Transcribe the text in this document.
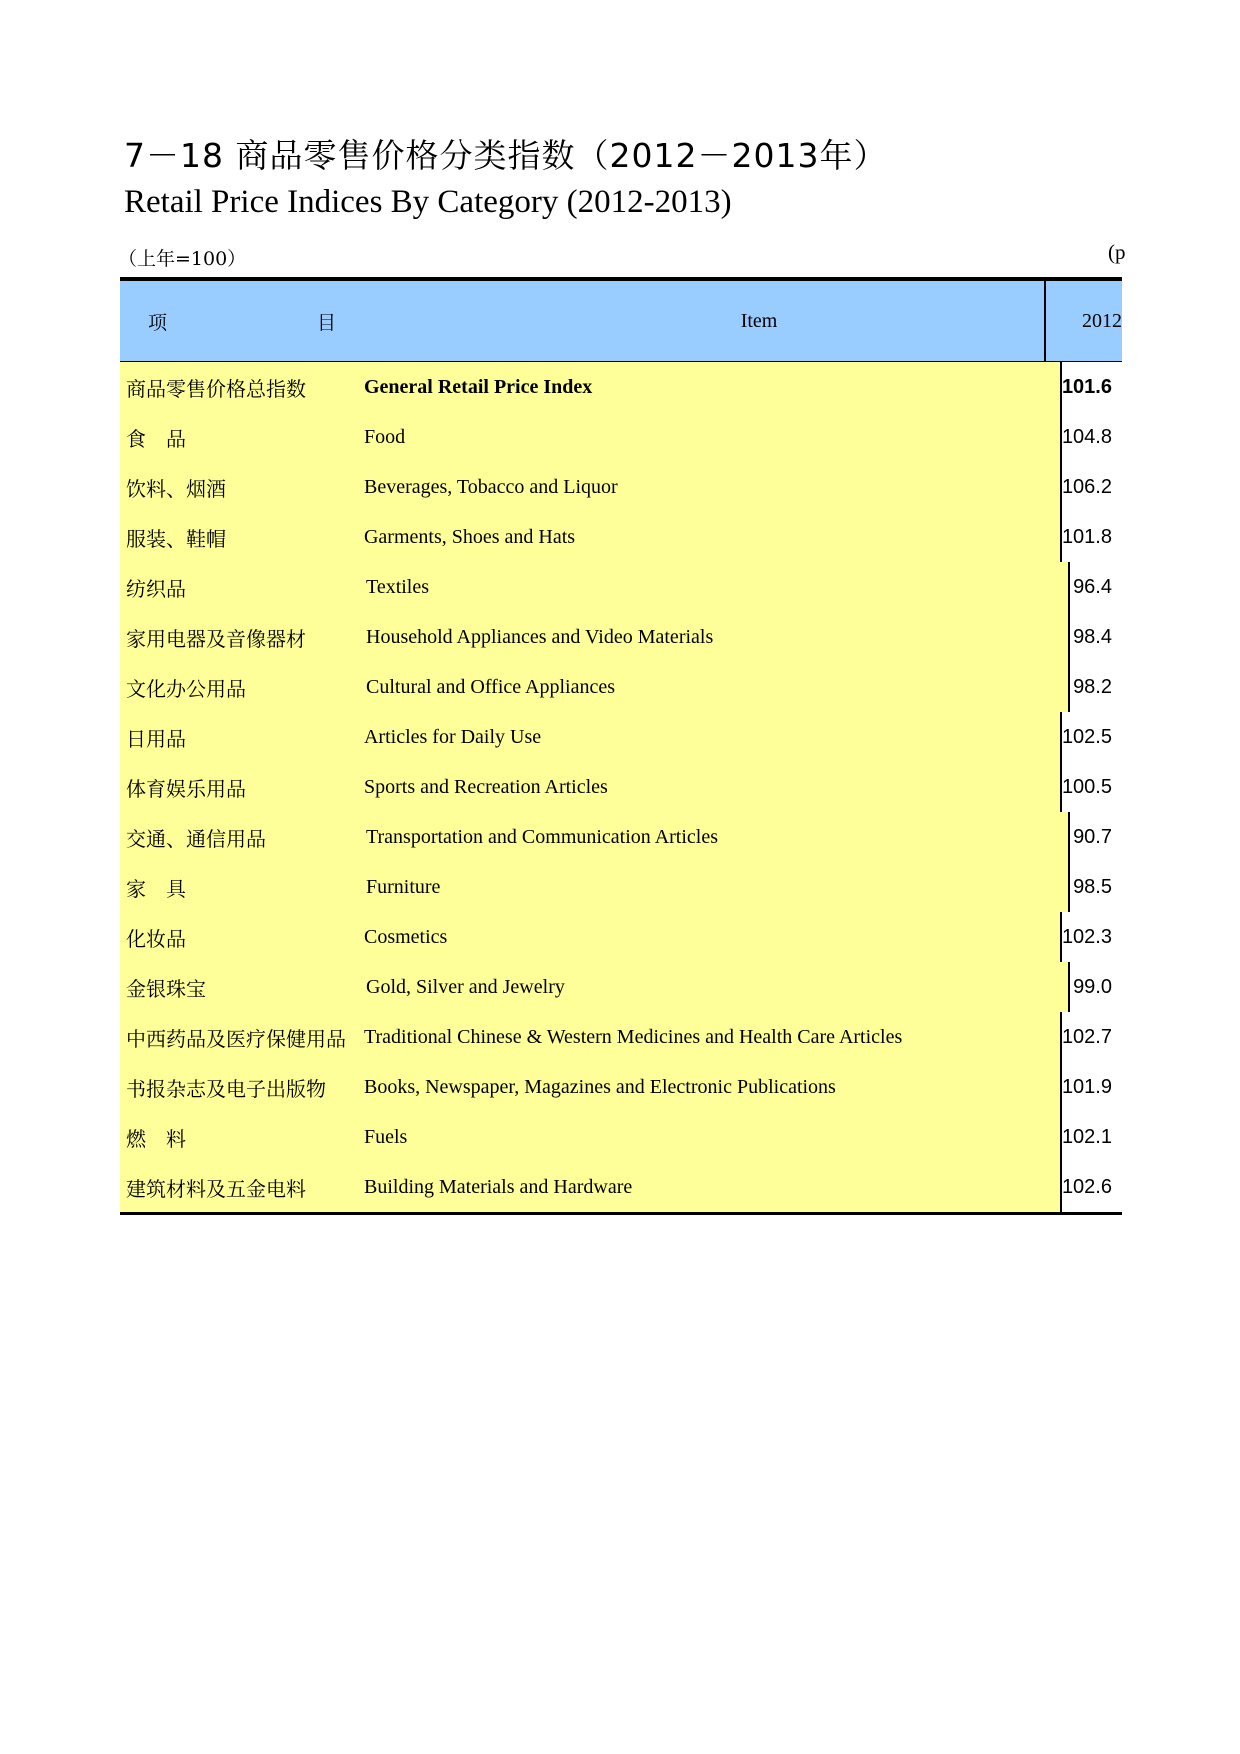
7－18 商品零售价格分类指数（2012－2013年）
Retail Price Indices By Category (2012-2013)
（上年=100）	(p
项	目	Item	2012
商品零售价格总指数	General Retail Price Index	101.6
食　品	Food	104.8
饮料、烟酒	Beverages, Tobacco and Liquor	106.2
服装、鞋帽	Garments, Shoes and Hats	101.8
纺织品	Textiles	96.4
家用电器及音像器材	Household Appliances and Video Materials	98.4
文化办公用品	Cultural and Office Appliances	98.2
日用品	Articles for Daily Use	102.5
体育娱乐用品	Sports and Recreation Articles	100.5
交通、通信用品	Transportation and Communication Articles	90.7
家　具	Furniture	98.5
化妆品	Cosmetics	102.3
金银珠宝	Gold, Silver and Jewelry	99.0
中西药品及医疗保健用品 Traditional Chinese & Western Medicines and Health Care Articles	102.7
书报杂志及电子出版物	Books, Newspaper, Magazines and Electronic Publications	101.9
燃　料	Fuels	102.1
建筑材料及五金电料	Building Materials and Hardware	102.6
